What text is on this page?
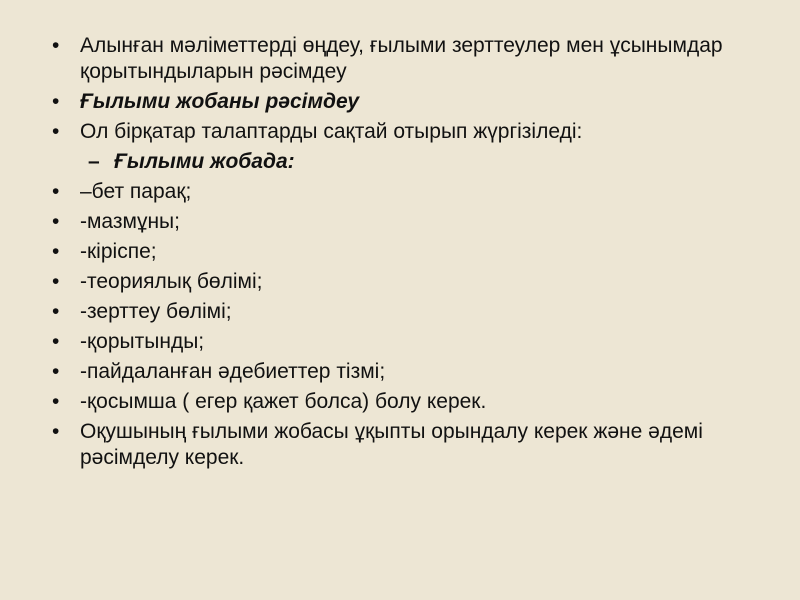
• Алынған мәліметтерді өңдеу, ғылыми зерттеулер мен ұсынымдар қорытындыларын рәсімдеу
• Ғылыми жобаны рәсімдеу
• Ол бірқатар талаптарды сақтай отырып жүргізіледі:
– Ғылыми жобада:
• –бет парақ;
• -мазмұны;
• -кіріспе;
• -теориялық бөлімі;
• -зерттеу бөлімі;
• -қорытынды;
• -пайдаланған әдебиеттер тізмі;
• -қосымша ( егер қажет болса) болу керек.
• Оқушының ғылыми жобасы ұқыпты орындалу керек және әдемі рәсімделу керек.
